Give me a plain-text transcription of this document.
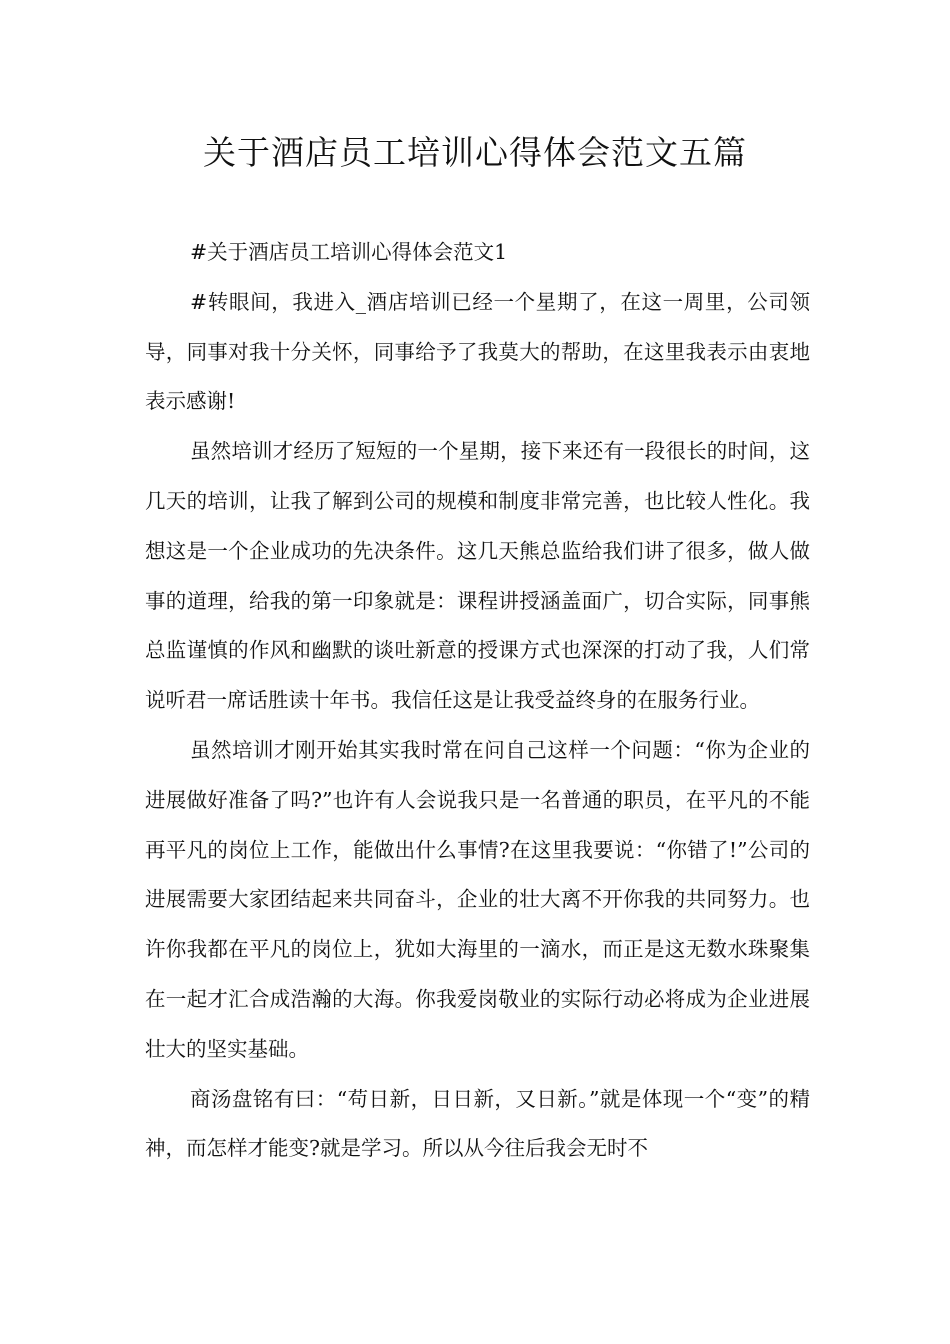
关于酒店员工培训心得体会范文五篇

#关于酒店员工培训心得体会范文1

#转眼间，我进入_酒店培训已经一个星期了，在这一周里，公司领导，同事对我十分关怀，同事给予了我莫大的帮助，在这里我表示由衷地表示感谢!

虽然培训才经历了短短的一个星期，接下来还有一段很长的时间，这几天的培训，让我了解到公司的规模和制度非常完善，也比较人性化。我想这是一个企业成功的先决条件。这几天熊总监给我们讲了很多，做人做事的道理，给我的第一印象就是：课程讲授涵盖面广，切合实际，同事熊总监谨慎的作风和幽默的谈吐新意的授课方式也深深的打动了我，人们常说听君一席话胜读十年书。我信任这是让我受益终身的在服务行业。

虽然培训才刚开始其实我时常在问自己这样一个问题：“你为企业的进展做好准备了吗?”也许有人会说我只是一名普通的职员，在平凡的不能再平凡的岗位上工作，能做出什么事情?在这里我要说：“你错了!”公司的进展需要大家团结起来共同奋斗，企业的壮大离不开你我的共同努力。也许你我都在平凡的岗位上，犹如大海里的一滴水，而正是这无数水珠聚集在一起才汇合成浩瀚的大海。你我爱岗敬业的实际行动必将成为企业进展壮大的坚实基础。

商汤盘铭有曰：“苟日新，日日新，又日新。”就是体现一个“变”的精神，而怎样才能变?就是学习。所以从今往后我会无时不
